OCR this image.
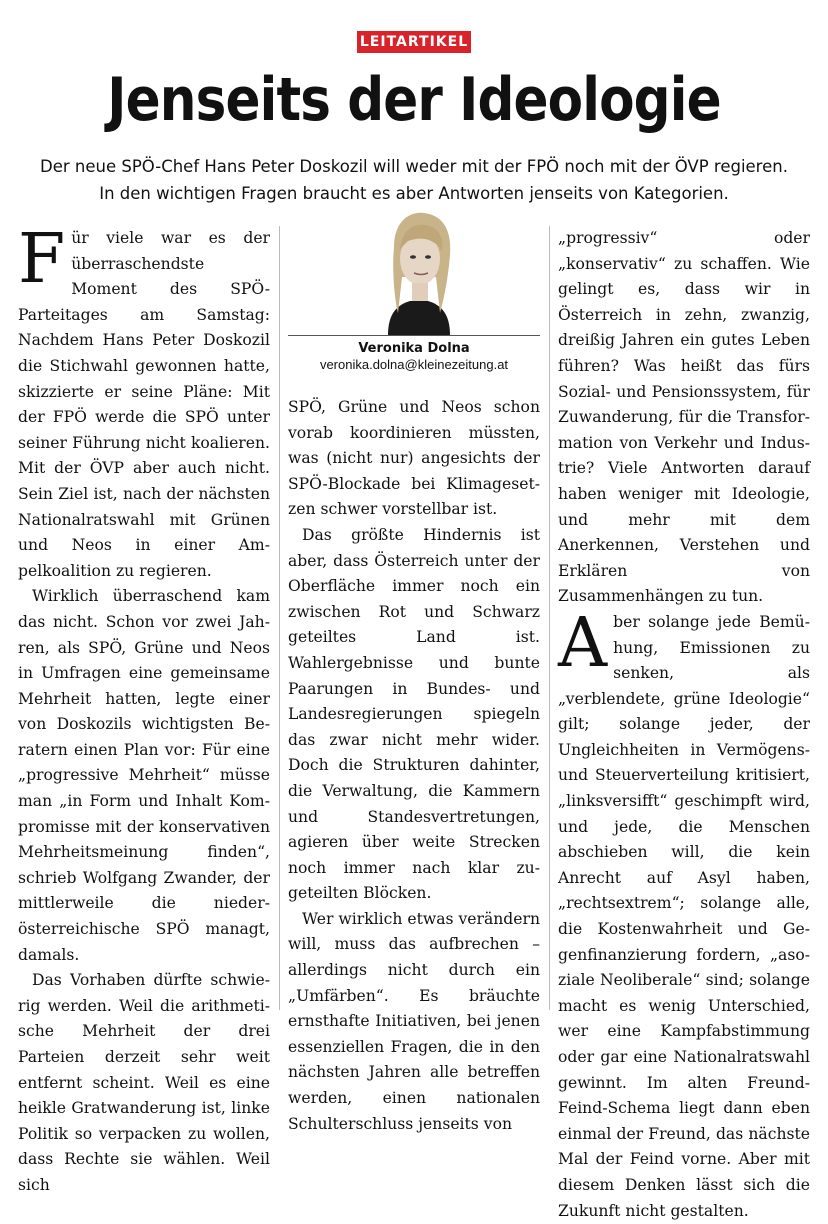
LEITARTIKEL
Jenseits der Ideologie
Der neue SPÖ-Chef Hans Peter Doskozil will weder mit der FPÖ noch mit der ÖVP regieren.
In den wichtigen Fragen braucht es aber Antworten jenseits von Kategorien.

Für viele war es der überraschendste Moment des SPÖ-Parteitages am Samstag: Nachdem Hans Peter Doskozil die Stichwahl gewonnen hatte, skizzierte er seine Pläne: Mit der FPÖ werde die SPÖ unter seiner Führung nicht koalieren. Mit der ÖVP aber auch nicht. Sein Ziel ist, nach der nächsten Nationalratswahl mit Grünen und Neos in einer Ampelkoalition zu regieren.

Wirklich überraschend kam das nicht. Schon vor zwei Jahren, als SPÖ, Grüne und Neos in Umfragen eine gemeinsame Mehrheit hatten, legte einer von Doskozils wichtigsten Beratern einen Plan vor: Für eine „progressive Mehrheit“ müsse man „in Form und Inhalt Kompromisse mit der konservativen Mehrheitsmeinung finden“, schrieb Wolfgang Zwander, der mittlerweile die niederösterreichische SPÖ managt, damals.

Das Vorhaben dürfte schwierig werden. Weil die arithmetische Mehrheit der drei Parteien derzeit sehr weit entfernt scheint. Weil es eine heikle Gratwanderung ist, linke Politik so verpacken zu wollen, dass Rechte sie wählen. Weil sich

Veronika Dolna
veronika.dolna@kleinezeitung.at

SPÖ, Grüne und Neos schon vorab koordinieren müssten, was (nicht nur) angesichts der SPÖ-Blockade bei Klimagesetzen schwer vorstellbar ist.

Das größte Hindernis ist aber, dass Österreich unter der Oberfläche immer noch ein zwischen Rot und Schwarz geteiltes Land ist. Wahlergebnisse und bunte Paarungen in Bundes- und Landesregierungen spiegeln das zwar nicht mehr wider. Doch die Strukturen dahinter, die Verwaltung, die Kammern und Standesvertretungen, agieren über weite Strecken noch immer nach klar zugeteilten Blöcken.

Wer wirklich etwas verändern will, muss das aufbrechen – allerdings nicht durch ein „Umfärben“. Es bräuchte ernsthafte Initiativen, bei jenen essenziellen Fragen, die in den nächsten Jahren alle betreffen werden, einen nationalen Schulterschluss jenseits von

„progressiv“ oder „konservativ“ zu schaffen. Wie gelingt es, dass wir in Österreich in zehn, zwanzig, dreißig Jahren ein gutes Leben führen? Was heißt das fürs Sozial- und Pensionssystem, für Zuwanderung, für die Transformation von Verkehr und Industrie? Viele Antworten darauf haben weniger mit Ideologie, und mehr mit dem Anerkennen, Verstehen und Erklären von Zusammenhängen zu tun.

Aber solange jede Bemühung, Emissionen zu senken, als „verblendete, grüne Ideologie“ gilt; solange jeder, der Ungleichheiten in Vermögens- und Steuerverteilung kritisiert, „linksversifft“ geschimpft wird, und jede, die Menschen abschieben will, die kein Anrecht auf Asyl haben, „rechtsextrem“; solange alle, die Kostenwahrheit und Gegenfinanzierung fordern, „asoziale Neoliberale“ sind; solange macht es wenig Unterschied, wer eine Kampfabstimmung oder gar eine Nationalratswahl gewinnt. Im alten Freund-Feind-Schema liegt dann eben einmal der Freund, das nächste Mal der Feind vorne. Aber mit diesem Denken lässt sich die Zukunft nicht gestalten.
